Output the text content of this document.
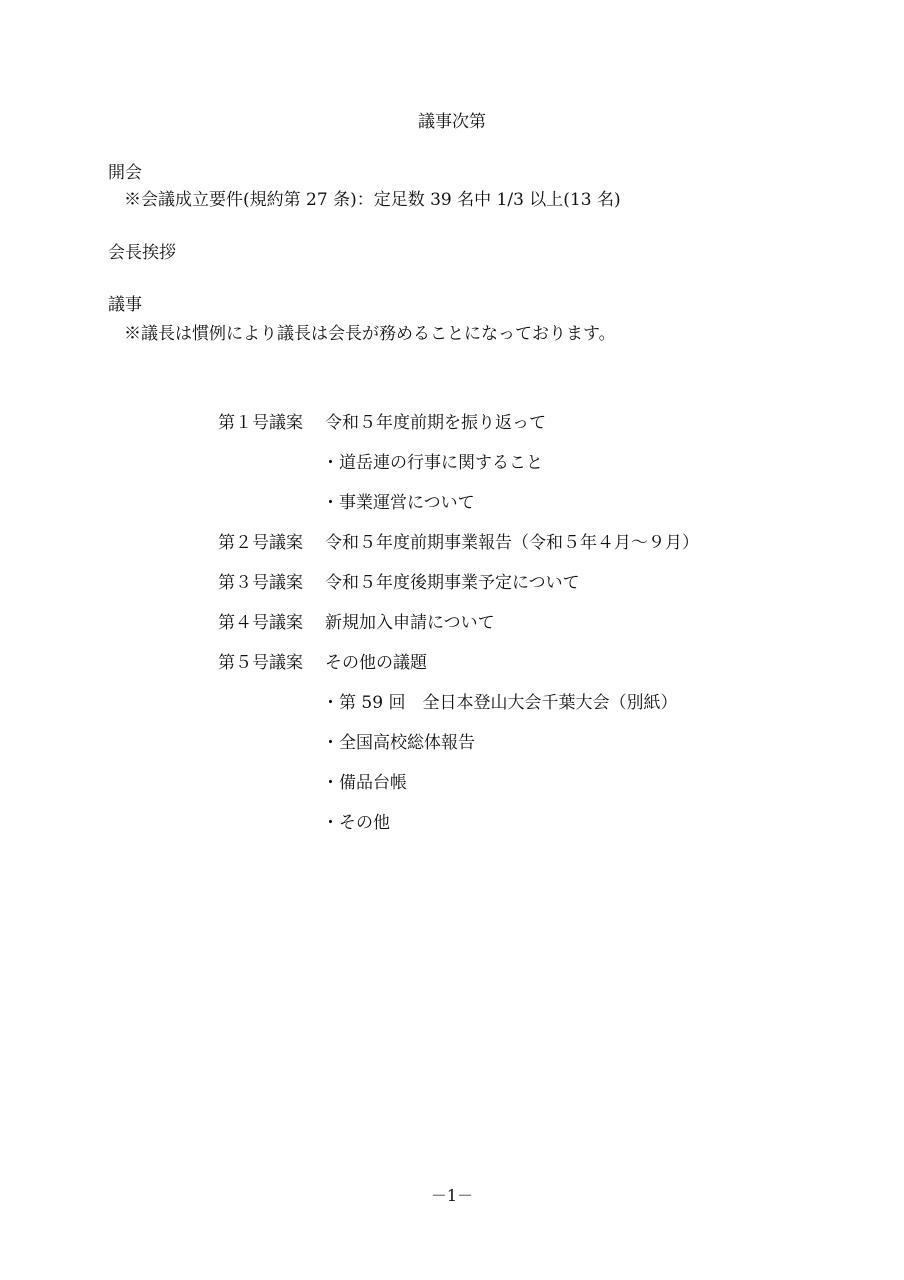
議事次第
開会
※会議成立要件(規約第 27 条)：定足数 39 名中 1/3 以上(13 名)
会長挨拶
議事
※議長は慣例により議長は会長が務めることになっております。
第１号議案 令和５年度前期を振り返って
・道岳連の行事に関すること
・事業運営について
第２号議案 令和５年度前期事業報告（令和５年４月～９月）
第３号議案 令和５年度後期事業予定について
第４号議案 新規加入申請について
第５号議案 その他の議題
・第 59 回　全日本登山大会千葉大会（別紙）
・全国高校総体報告
・備品台帳
・その他
－1－
